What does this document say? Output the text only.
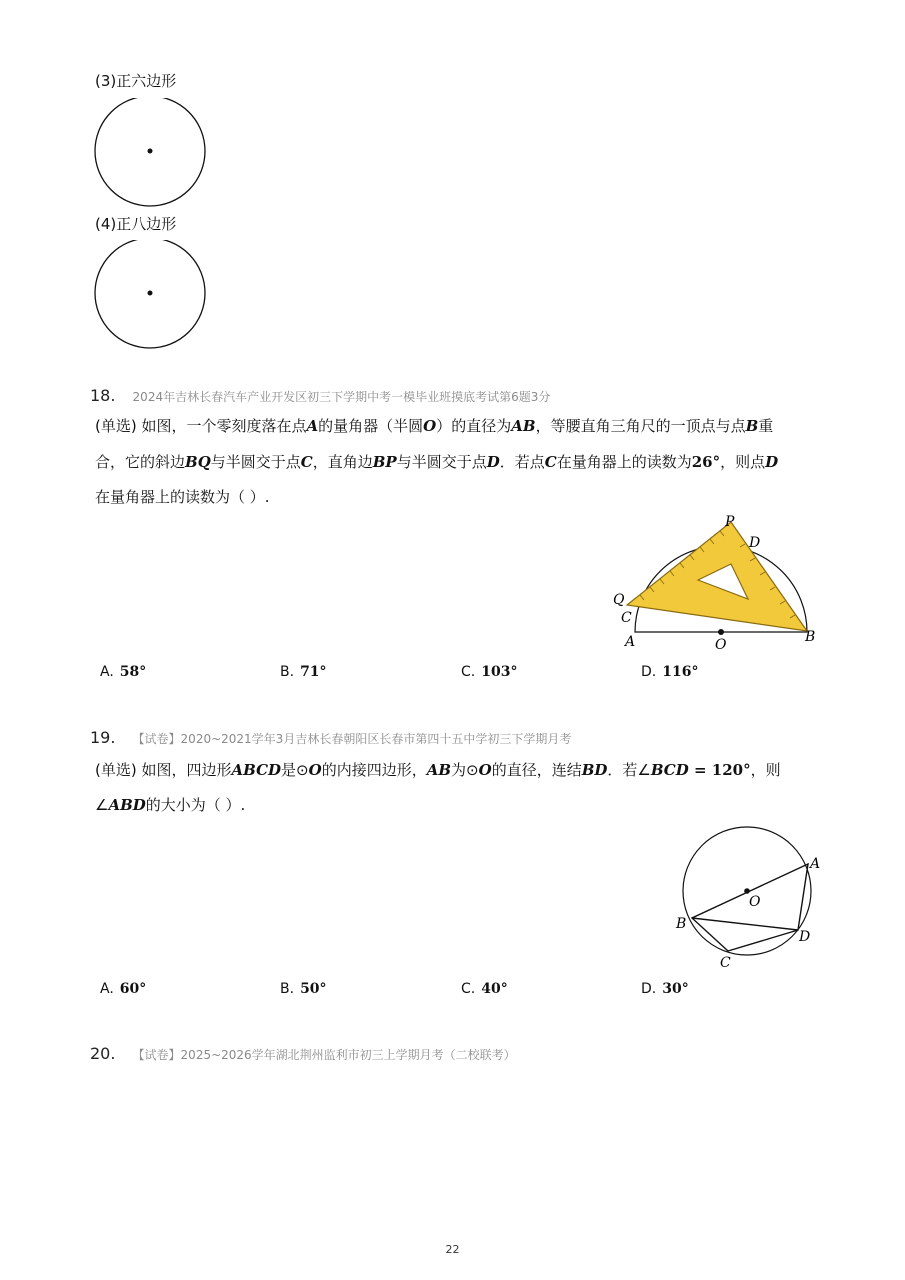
(3)正六边形
(4)正八边形
18. 2024年吉林长春汽车产业开发区初三下学期中考一模毕业班摸底考试第6题3分
(单选) 如图，一个零刻度落在点A的量角器（半圆O）的直径为AB，等腰直角三角尺的一顶点与点B重
合，它的斜边BQ与半圆交于点C，直角边BP与半圆交于点D．若点C在量角器上的读数为26°，则点D
在量角器上的读数为（ ）.
P
D
Q
C
A	O	B
A. 58°	B. 71°	C. 103°	D. 116°
19. 【试卷】2020~2021学年3月吉林长春朝阳区长春市第四十五中学初三下学期月考
(单选) 如图，四边形ABCD是⊙O的内接四边形，AB为⊙O的直径，连结BD．若∠BCD = 120°，则
∠ABD的大小为（ ）.
A
O
B
D
C
A. 60°	B. 50°	C. 40°	D. 30°
20. 【试卷】2025~2026学年湖北荆州监利市初三上学期月考（二校联考）
22
